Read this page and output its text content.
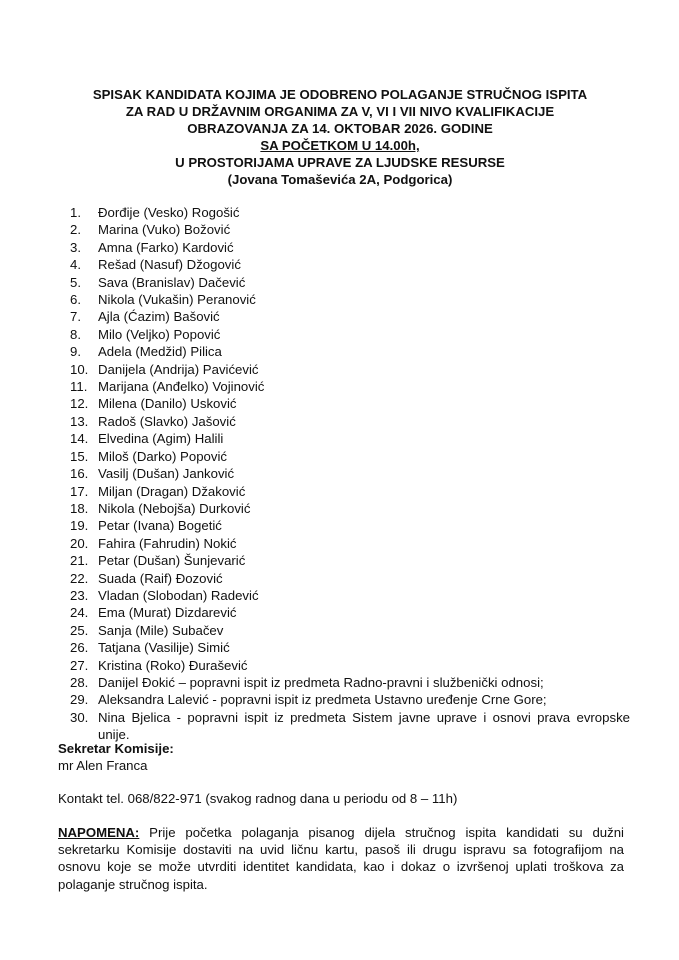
SPISAK KANDIDATA KOJIMA JE ODOBRENO POLAGANJE STRUČNOG ISPITA
ZA RAD U DRŽAVNIM ORGANIMA ZA V, VI I VII NIVO KVALIFIKACIJE
OBRAZOVANJA ZA 14. OKTOBAR 2026. GODINE
SA POČETKOM U 14.00h,
U PROSTORIJAMA UPRAVE ZA LJUDSKE RESURSE
(Jovana Tomaševića 2A, Podgorica)
1.	Đorđije (Vesko) Rogošić
2.	Marina (Vuko) Božović
3.	Amna (Farko) Kardović
4.	Rešad (Nasuf) Džogović
5.	Sava (Branislav) Dačević
6.	Nikola (Vukašin) Peranović
7.	Ajla (Ćazim) Bašović
8.	Milo (Veljko) Popović
9.	Adela (Medžid) Pilica
10. Danijela (Andrija) Pavićević
11. Marijana (Anđelko) Vojinović
12. Milena (Danilo) Usković
13. Radoš (Slavko) Jašović
14. Elvedina (Agim) Halili
15. Miloš (Darko) Popović
16. Vasilj (Dušan) Janković
17. Miljan (Dragan) Džaković
18. Nikola (Nebojša) Durković
19. Petar (Ivana) Bogetić
20. Fahira (Fahrudin) Nokić
21. Petar (Dušan) Šunjevarić
22. Suada (Raif) Đozović
23. Vladan (Slobodan) Radević
24. Ema (Murat) Dizdarević
25. Sanja (Mile) Subačev
26. Tatjana (Vasilije) Simić
27. Kristina (Roko) Đurašević
28. Danijel Đokić – popravni ispit iz predmeta Radno-pravni i službenički odnosi;
29. Aleksandra Lalević - popravni ispit iz predmeta Ustavno uređenje Crne Gore;
30. Nina Bjelica - popravni ispit iz predmeta Sistem javne uprave i osnovi prava evropske unije.
Sekretar Komisije:
mr Alen Franca
Kontakt tel. 068/822-971 (svakog radnog dana u periodu od 8 – 11h)
NAPOMENA: Prije početka polaganja pisanog dijela stručnog ispita kandidati su dužni sekretarku Komisije dostaviti na uvid ličnu kartu, pasoš ili drugu ispravu sa fotografijom na osnovu koje se može utvrditi identitet kandidata, kao i dokaz o izvršenoj uplati troškova za polaganje stručnog ispita.
